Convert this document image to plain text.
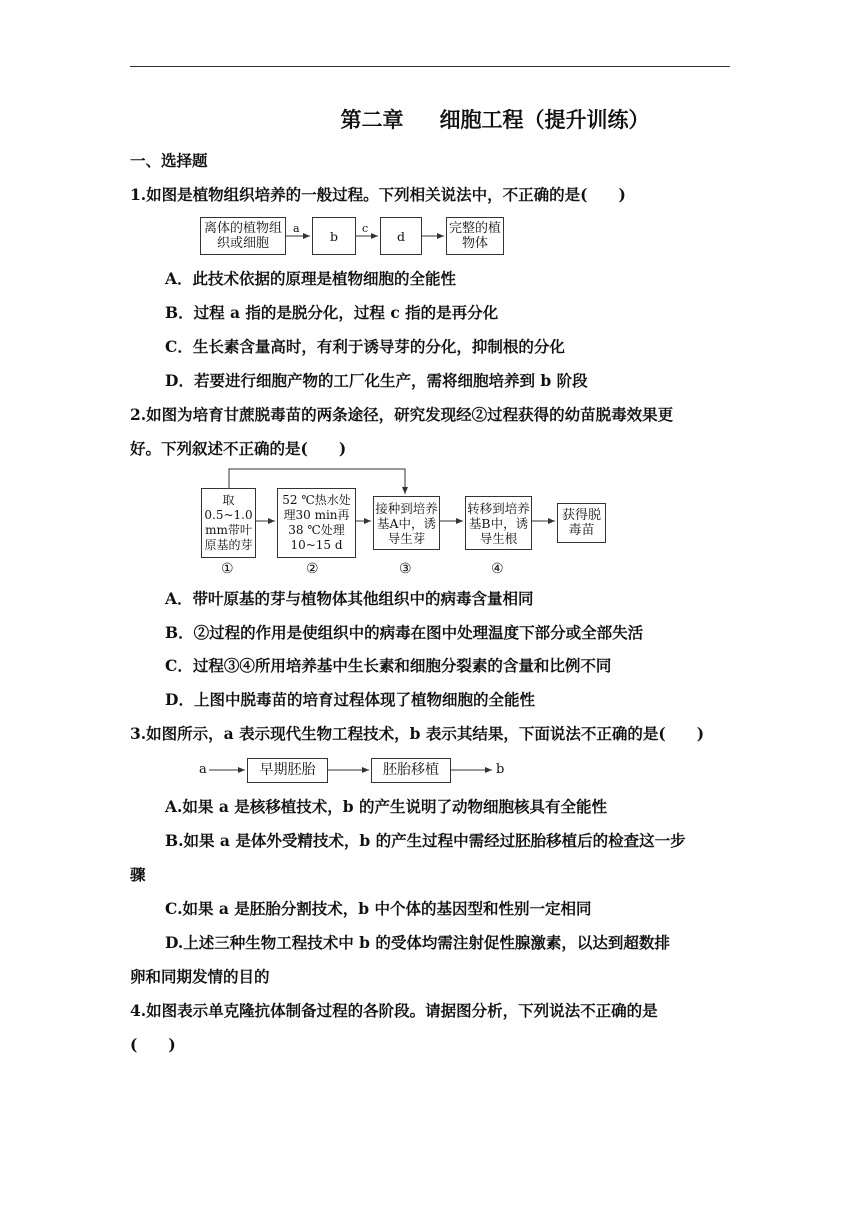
第二章 细胞工程（提升训练）
一、选择题
1.如图是植物组织培养的一般过程。下列相关说法中，不正确的是(　　)
离体的植物组织或细胞
a	b	c	d	完整的植物体
A．此技术依据的原理是植物细胞的全能性
B．过程 a 指的是脱分化，过程 c 指的是再分化
C．生长素含量高时，有利于诱导芽的分化，抑制根的分化
D．若要进行细胞产物的工厂化生产，需将细胞培养到 b 阶段
2.如图为培育甘蔗脱毒苗的两条途径，研究发现经②过程获得的幼苗脱毒效果更
好。下列叙述不正确的是(　　)
取0.5~1.0 mm带叶原基的芽
52 ℃热水处理30 min再38 ℃处理10~15 d
接种到培养基A中，诱导生芽
转移到培养基B中，诱导生根
获得脱毒苗
①	②	③	④
A．带叶原基的芽与植物体其他组织中的病毒含量相同
B．②过程的作用是使组织中的病毒在图中处理温度下部分或全部失活
C．过程③④所用培养基中生长素和细胞分裂素的含量和比例不同
D．上图中脱毒苗的培育过程体现了植物细胞的全能性
3.如图所示，a 表示现代生物工程技术，b 表示其结果，下面说法不正确的是(　　)
a	早期胚胎	胚胎移植	b
A.如果 a 是核移植技术，b 的产生说明了动物细胞核具有全能性
B.如果 a 是体外受精技术，b 的产生过程中需经过胚胎移植后的检查这一步
骤
C.如果 a 是胚胎分割技术，b 中个体的基因型和性别一定相同
D.上述三种生物工程技术中 b 的受体均需注射促性腺激素，以达到超数排
卵和同期发情的目的
4.如图表示单克隆抗体制备过程的各阶段。请据图分析，下列说法不正确的是
(　　)
